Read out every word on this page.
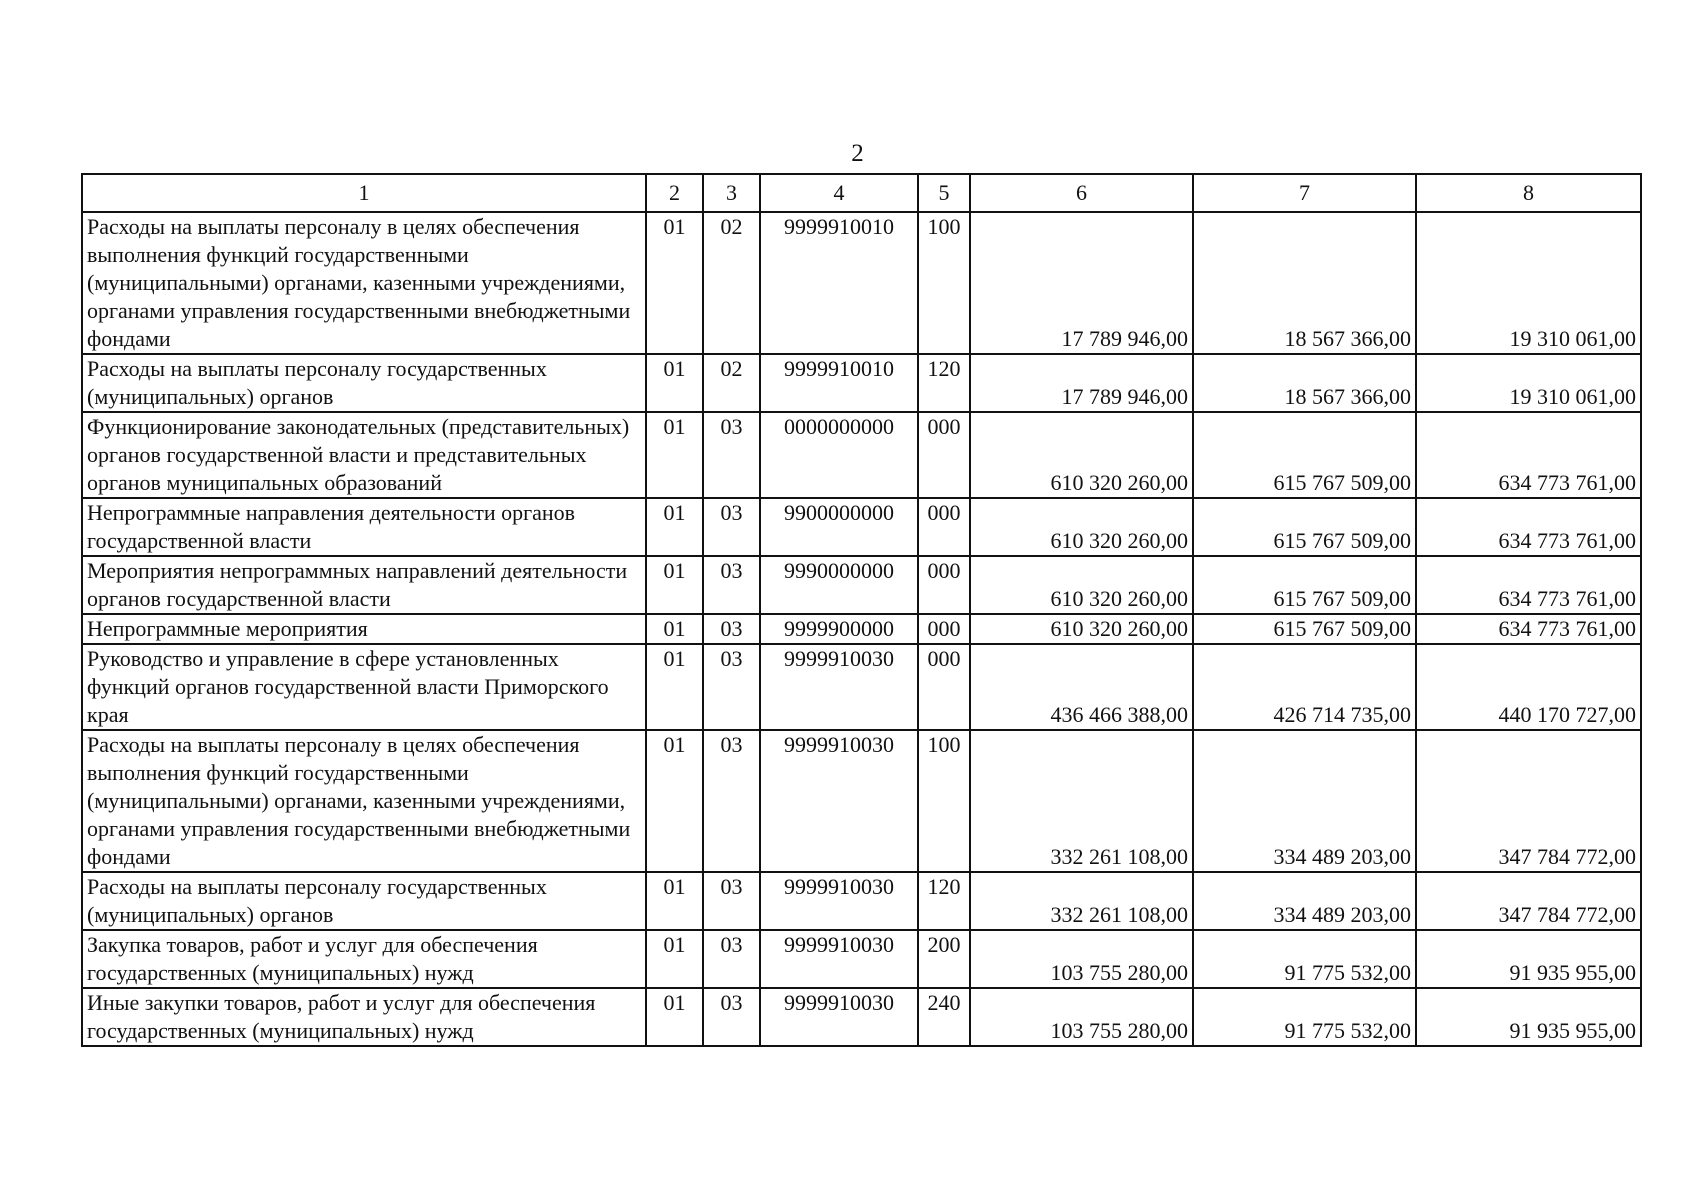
2
1	2	3	4	5	6	7	8
Расходы на выплаты персоналу в целях обеспечения выполнения функций государственными (муниципальными) органами, казенными учреждениями, органами управления государственными внебюджетными фондами	01	02	9999910010	100	17 789 946,00	18 567 366,00	19 310 061,00
Расходы на выплаты персоналу государственных (муниципальных) органов	01	02	9999910010	120	17 789 946,00	18 567 366,00	19 310 061,00
Функционирование законодательных (представительных) органов государственной власти и представительных органов муниципальных образований	01	03	0000000000	000	610 320 260,00	615 767 509,00	634 773 761,00
Непрограммные направления деятельности органов государственной власти	01	03	9900000000	000	610 320 260,00	615 767 509,00	634 773 761,00
Мероприятия непрограммных направлений деятельности органов государственной власти	01	03	9990000000	000	610 320 260,00	615 767 509,00	634 773 761,00
Непрограммные мероприятия	01	03	9999900000	000	610 320 260,00	615 767 509,00	634 773 761,00
Руководство и управление в сфере установленных функций органов государственной власти Приморского края	01	03	9999910030	000	436 466 388,00	426 714 735,00	440 170 727,00
Расходы на выплаты персоналу в целях обеспечения выполнения функций государственными (муниципальными) органами, казенными учреждениями, органами управления государственными внебюджетными фондами	01	03	9999910030	100	332 261 108,00	334 489 203,00	347 784 772,00
Расходы на выплаты персоналу государственных (муниципальных) органов	01	03	9999910030	120	332 261 108,00	334 489 203,00	347 784 772,00
Закупка товаров, работ и услуг для обеспечения государственных (муниципальных) нужд	01	03	9999910030	200	103 755 280,00	91 775 532,00	91 935 955,00
Иные закупки товаров, работ и услуг для обеспечения государственных (муниципальных) нужд	01	03	9999910030	240	103 755 280,00	91 775 532,00	91 935 955,00
